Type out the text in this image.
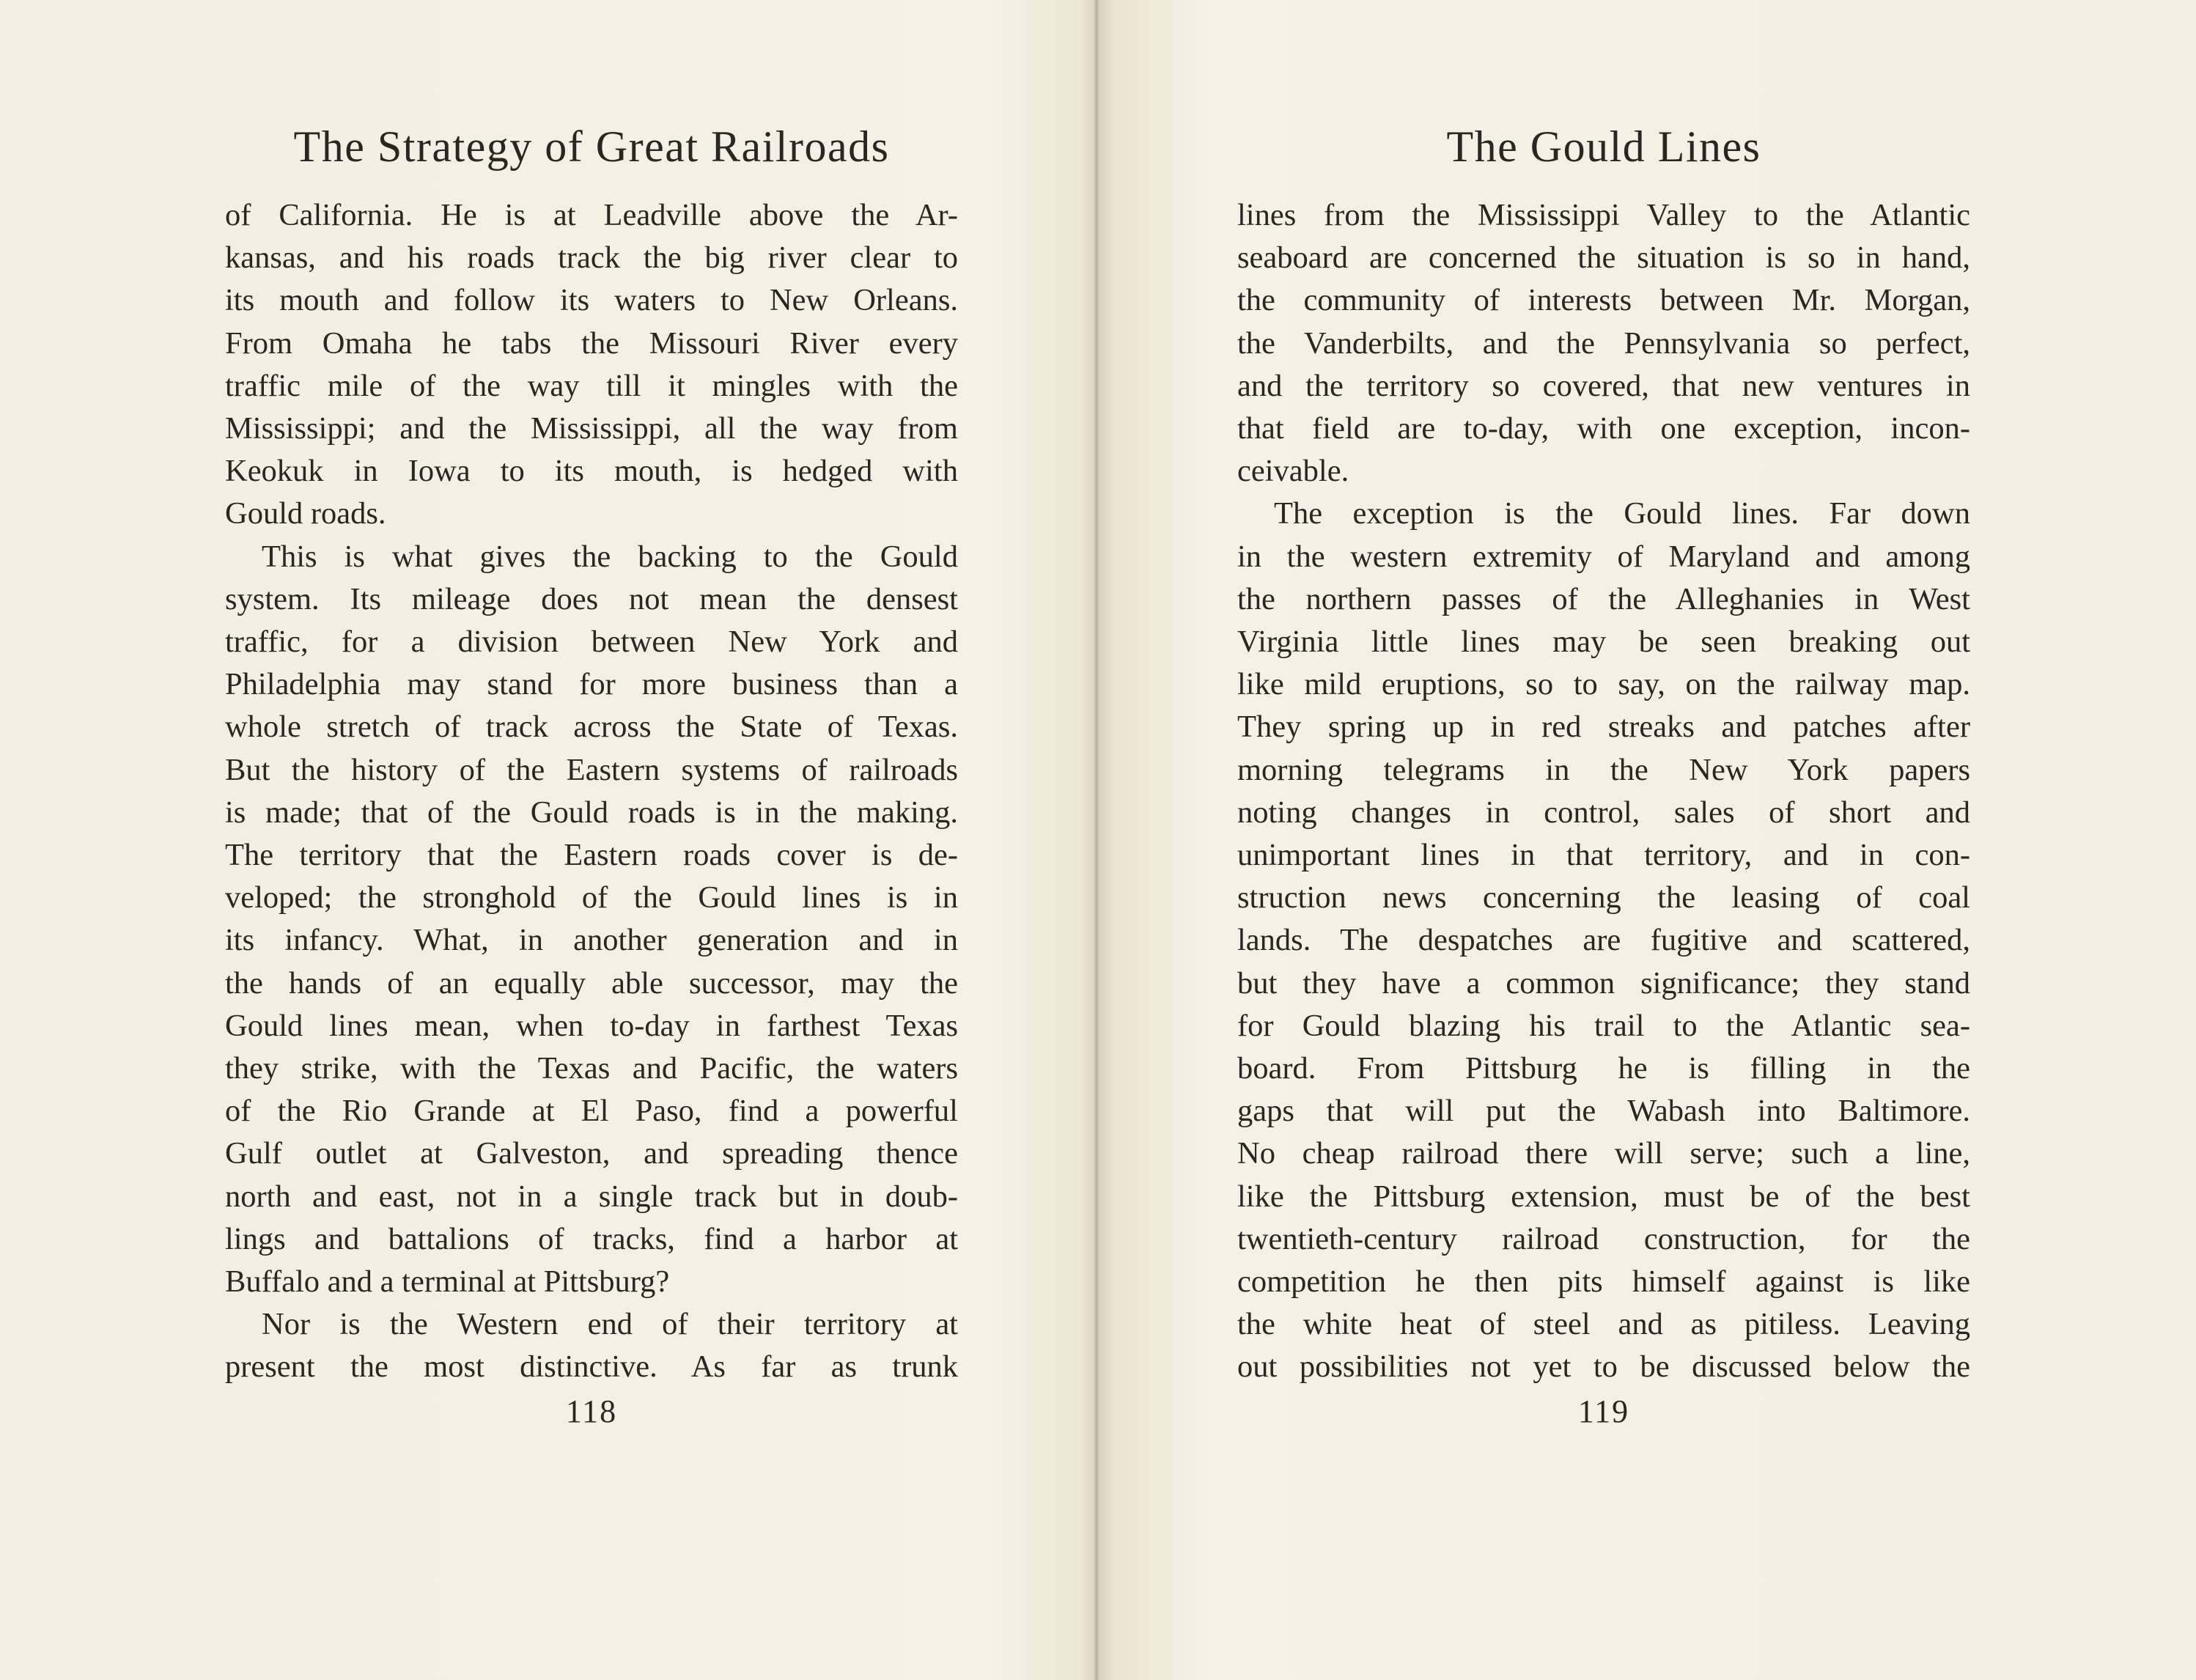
The Strategy of Great Railroads
of California. He is at Leadville above the Ar-
kansas, and his roads track the big river clear to
its mouth and follow its waters to New Orleans.
From Omaha he tabs the Missouri River every
traffic mile of the way till it mingles with the
Mississippi; and the Mississippi, all the way from
Keokuk in Iowa to its mouth, is hedged with
Gould roads.
This is what gives the backing to the Gould
system. Its mileage does not mean the densest
traffic, for a division between New York and
Philadelphia may stand for more business than a
whole stretch of track across the State of Texas.
But the history of the Eastern systems of railroads
is made; that of the Gould roads is in the making.
The territory that the Eastern roads cover is de-
veloped; the stronghold of the Gould lines is in
its infancy. What, in another generation and in
the hands of an equally able successor, may the
Gould lines mean, when to-day in farthest Texas
they strike, with the Texas and Pacific, the waters
of the Rio Grande at El Paso, find a powerful
Gulf outlet at Galveston, and spreading thence
north and east, not in a single track but in doub-
lings and battalions of tracks, find a harbor at
Buffalo and a terminal at Pittsburg?
Nor is the Western end of their territory at
present the most distinctive. As far as trunk
118
The Gould Lines
lines from the Mississippi Valley to the Atlantic
seaboard are concerned the situation is so in hand,
the community of interests between Mr. Morgan,
the Vanderbilts, and the Pennsylvania so perfect,
and the territory so covered, that new ventures in
that field are to-day, with one exception, incon-
ceivable.
The exception is the Gould lines. Far down
in the western extremity of Maryland and among
the northern passes of the Alleghanies in West
Virginia little lines may be seen breaking out
like mild eruptions, so to say, on the railway map.
They spring up in red streaks and patches after
morning telegrams in the New York papers
noting changes in control, sales of short and
unimportant lines in that territory, and in con-
struction news concerning the leasing of coal
lands. The despatches are fugitive and scattered,
but they have a common significance; they stand
for Gould blazing his trail to the Atlantic sea-
board. From Pittsburg he is filling in the
gaps that will put the Wabash into Baltimore.
No cheap railroad there will serve; such a line,
like the Pittsburg extension, must be of the best
twentieth-century railroad construction, for the
competition he then pits himself against is like
the white heat of steel and as pitiless. Leaving
out possibilities not yet to be discussed below the
119
